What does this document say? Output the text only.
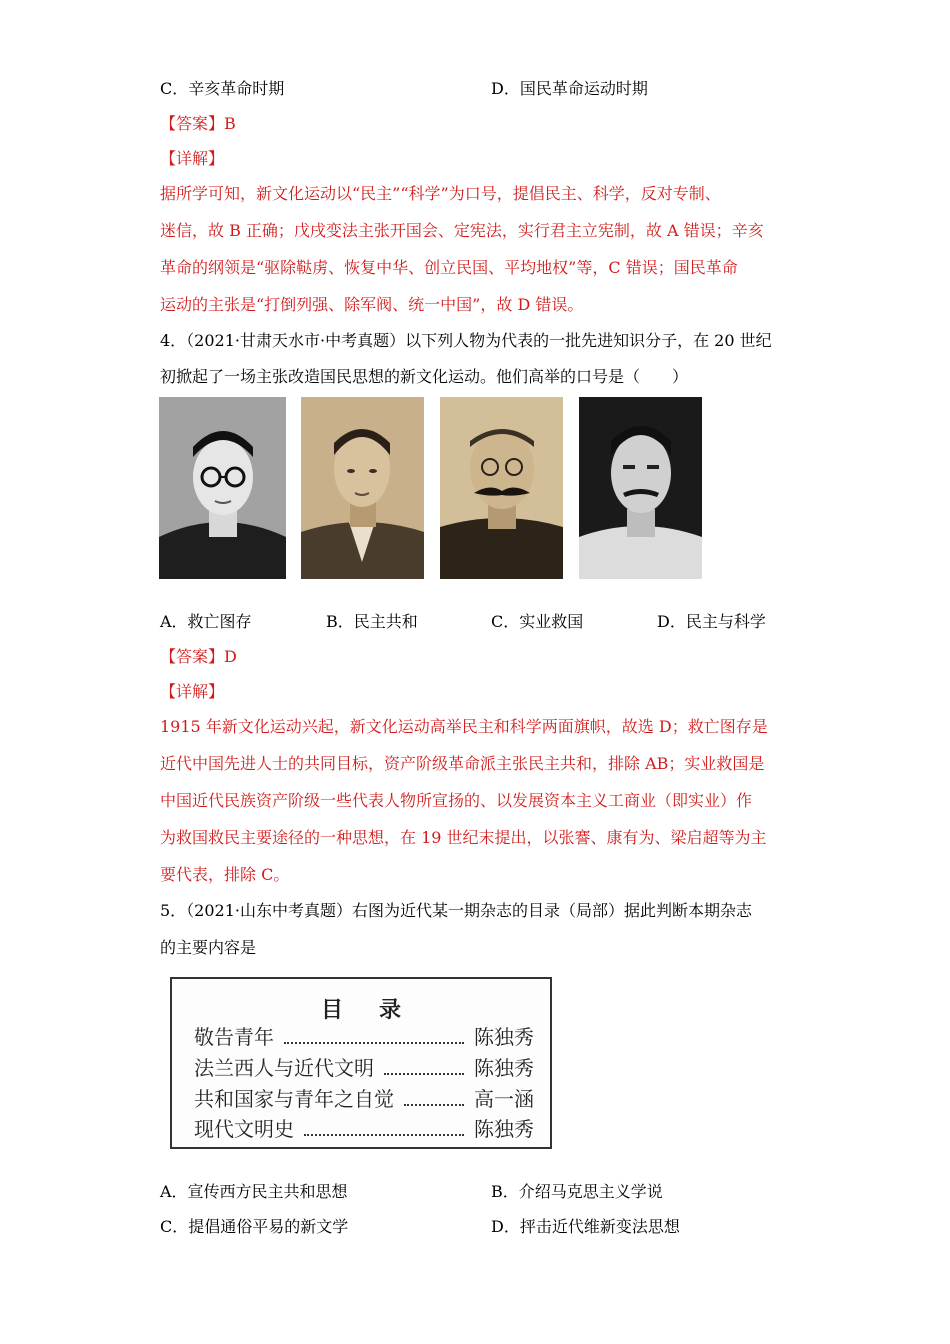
C．辛亥革命时期	D．国民革命运动时期
【答案】B
【详解】
据所学可知，新文化运动以“民主”“科学”为口号，提倡民主、科学，反对专制、
迷信，故 B 正确；戊戌变法主张开国会、定宪法，实行君主立宪制，故 A 错误；辛亥
革命的纲领是“驱除鞑虏、恢复中华、创立民国、平均地权”等，C 错误；国民革命
运动的主张是“打倒列强、除军阀、统一中国”，故 D 错误。
4．（2021·甘肃天水市·中考真题）以下列人物为代表的一批先进知识分子，在 20 世纪
初掀起了一场主张改造国民思想的新文化运动。他们高举的口号是（　　）
A．救亡图存	B．民主共和	C．实业救国	D．民主与科学
【答案】D
【详解】
1915 年新文化运动兴起，新文化运动高举民主和科学两面旗帜，故选 D；救亡图存是
近代中国先进人士的共同目标，资产阶级革命派主张民主共和，排除 AB；实业救国是
中国近代民族资产阶级一些代表人物所宣扬的、以发展资本主义工商业（即实业）作
为救国救民主要途径的一种思想，在 19 世纪末提出，以张謇、康有为、梁启超等为主
要代表，排除 C。
5．（2021·山东中考真题）右图为近代某一期杂志的目录（局部）据此判断本期杂志
的主要内容是
目录
敬告青年	陈独秀
法兰西人与近代文明	陈独秀
共和国家与青年之自觉	高一涵
现代文明史	陈独秀
A．宣传西方民主共和思想	B．介绍马克思主义学说
C．提倡通俗平易的新文学	D．抨击近代维新变法思想
